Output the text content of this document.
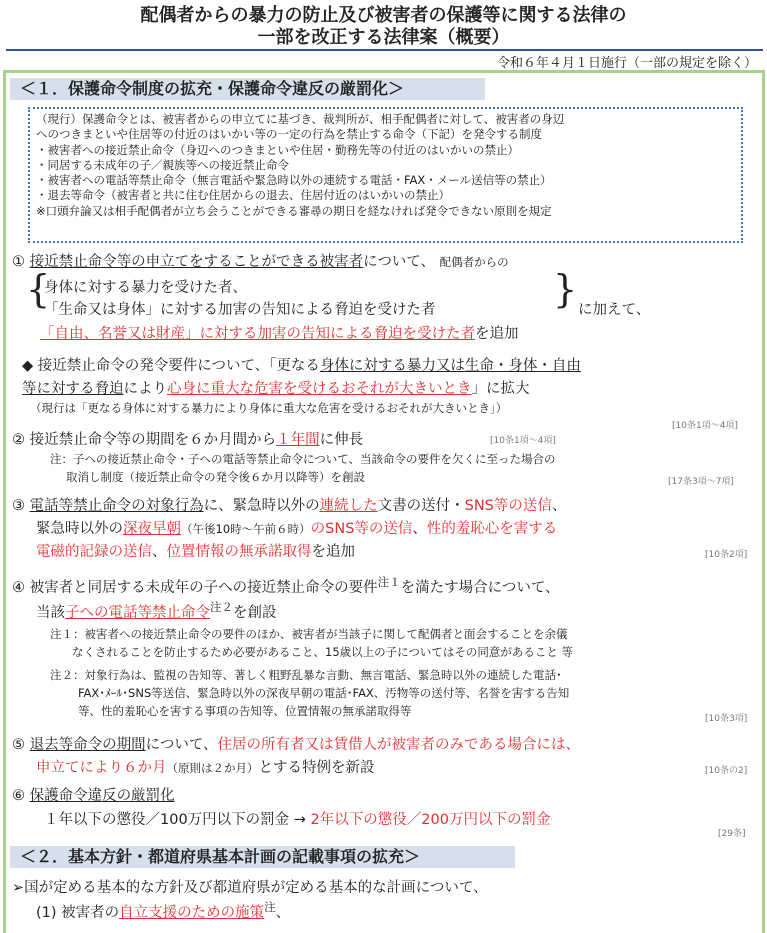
配偶者からの暴力の防止及び被害者の保護等に関する法律の
一部を改正する法律案（概要）
令和６年４月１日施行（一部の規定を除く）
＜１．保護命令制度の拡充・保護命令違反の厳罰化＞
（現行）保護命令とは、被害者からの申立てに基づき、裁判所が、相手配偶者に対して、被害者の身辺
へのつきまといや住居等の付近のはいかい等の一定の行為を禁止する命令（下記）を発令する制度
・被害者への接近禁止命令（身辺へのつきまといや住居・勤務先等の付近のはいかいの禁止）
・同居する未成年の子／親族等への接近禁止命令
・被害者への電話等禁止命令（無言電話や緊急時以外の連続する電話・FAX・メール送信等の禁止）
・退去等命令（被害者と共に住む住居からの退去、住居付近のはいかいの禁止）
※口頭弁論又は相手配偶者が立ち会うことができる審尋の期日を経なければ発令できない原則を規定
① 接近禁止命令等の申立てをすることができる被害者について、 配偶者からの
{
身体に対する暴力を受けた者、
「生命又は身体」に対する加害の告知による脅迫を受けた者	} に加えて、
「自由、名誉又は財産」に対する加害の告知による脅迫を受けた者を追加
◆ 接近禁止命令の発令要件について、「更なる身体に対する暴力又は生命・身体・自由
等に対する脅迫により心身に重大な危害を受けるおそれが大きいとき」に拡大
（現行は「更なる身体に対する暴力により身体に重大な危害を受けるおそれが大きいとき」）
[10条1項～4項]
② 接近禁止命令等の期間を６か月間から１年間に伸長	[10条1項～4項]
注：子への接近禁止命令・子への電話等禁止命令について、当該命令の要件を欠くに至った場合の
取消し制度（接近禁止命令の発令後６か月以降等）を創設	[17条3項～7項]
③ 電話等禁止命令の対象行為に、緊急時以外の連続した文書の送付・SNS等の送信、
緊急時以外の深夜早朝（午後10時～午前６時）のSNS等の送信、性的羞恥心を害する
電磁的記録の送信、位置情報の無承諾取得を追加	[10条2項]
④ 被害者と同居する未成年の子への接近禁止命令の要件$^{注1}$を満たす場合について、
当該子への電話等禁止命令$^{注2}$を創設
注１：被害者への接近禁止命令の要件のほか、被害者が当該子に関して配偶者と面会することを余儀
なくされることを防止するため必要があること、15歳以上の子についてはその同意があること 等
注２：対象行為は、監視の告知等、著しく粗野乱暴な言動、無言電話、緊急時以外の連続した電話･
FAX･ﾒｰﾙ･SNS等送信、緊急時以外の深夜早朝の電話･FAX、汚物等の送付等、名誉を害する告知
等、性的羞恥心を害する事項の告知等、位置情報の無承諾取得等
[10条3項]
⑤ 退去等命令の期間について、住居の所有者又は賃借人が被害者のみである場合には、
申立てにより６か月（原則は２か月）とする特例を新設	[10条の2]
⑥ 保護命令違反の厳罰化
１年以下の懲役／100万円以下の罰金 → 2年以下の懲役／200万円以下の罰金
[29条]
＜２．基本方針・都道府県基本計画の記載事項の拡充＞
➢国が定める基本的な方針及び都道府県が定める基本的な計画について、
(1) 被害者の自立支援のための施策$^注$、
